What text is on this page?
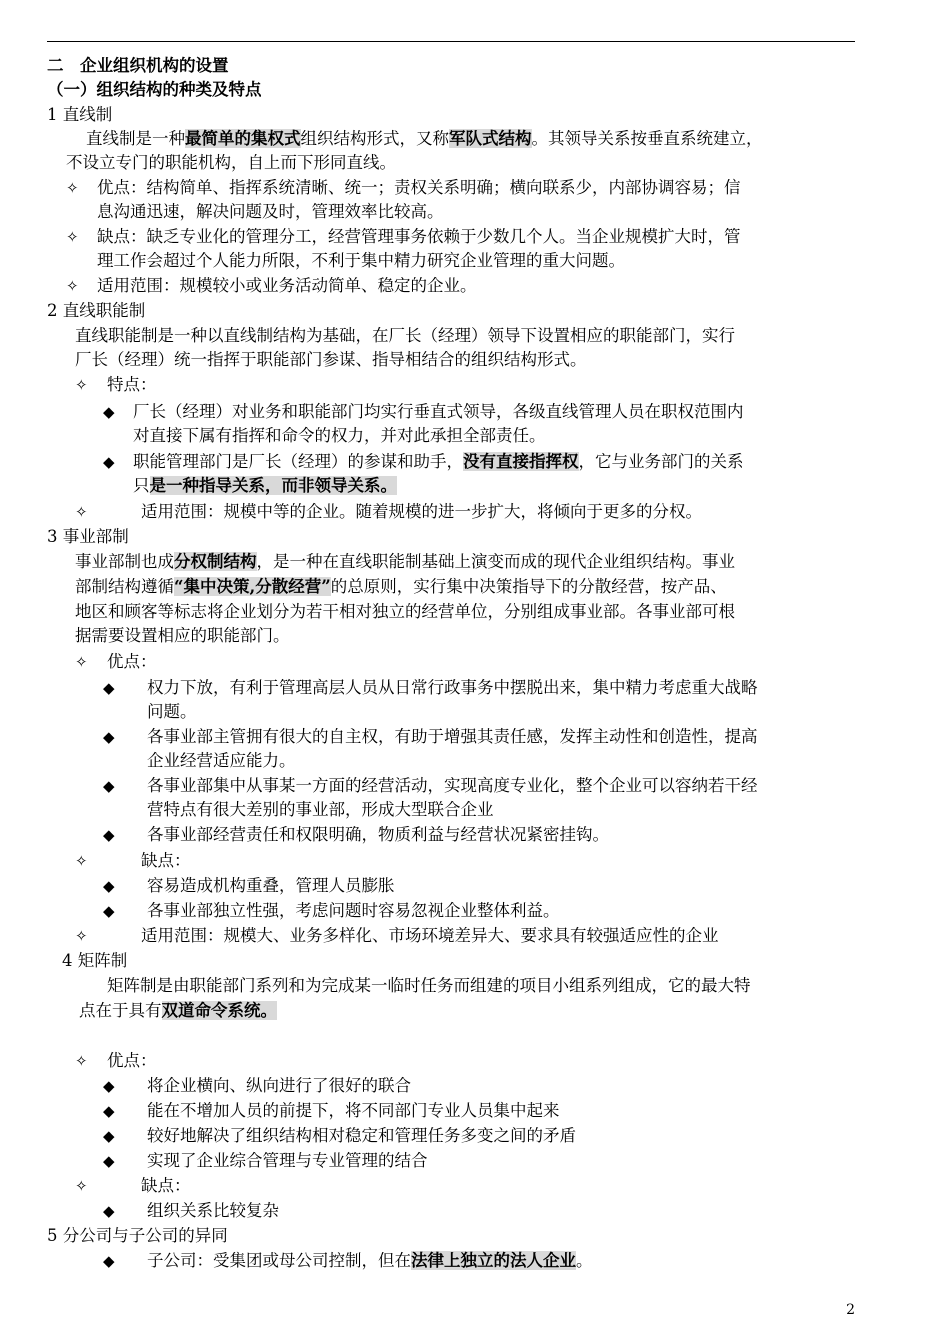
二　企业组织机构的设置
（一）组织结构的种类及特点
1 直线制
直线制是一种最简单的集权式组织结构形式，又称军队式结构。其领导关系按垂直系统建立，
不设立专门的职能机构，自上而下形同直线。
✧ 优点：结构简单、指挥系统清晰、统一；责权关系明确；横向联系少，内部协调容易；信
息沟通迅速，解决问题及时，管理效率比较高。
✧ 缺点：缺乏专业化的管理分工，经营管理事务依赖于少数几个人。当企业规模扩大时，管
理工作会超过个人能力所限，不利于集中精力研究企业管理的重大问题。
✧ 适用范围：规模较小或业务活动简单、稳定的企业。
2 直线职能制
直线职能制是一种以直线制结构为基础，在厂长（经理）领导下设置相应的职能部门，实行
厂长（经理）统一指挥于职能部门参谋、指导相结合的组织结构形式。
✧ 特点：
◆ 厂长（经理）对业务和职能部门均实行垂直式领导，各级直线管理人员在职权范围内
对直接下属有指挥和命令的权力，并对此承担全部责任。
◆ 职能管理部门是厂长（经理）的参谋和助手，没有直接指挥权，它与业务部门的关系
只是一种指导关系，而非领导关系。
✧	适用范围：规模中等的企业。随着规模的进一步扩大，将倾向于更多的分权。
3 事业部制
事业部制也成分权制结构，是一种在直线职能制基础上演变而成的现代企业组织结构。事业
部制结构遵循“集中决策,分散经营”的总原则，实行集中决策指导下的分散经营，按产品、
地区和顾客等标志将企业划分为若干相对独立的经营单位，分别组成事业部。各事业部可根
据需要设置相应的职能部门。
✧ 优点：
◆ 权力下放，有利于管理高层人员从日常行政事务中摆脱出来，集中精力考虑重大战略
问题。
◆ 各事业部主管拥有很大的自主权，有助于增强其责任感，发挥主动性和创造性，提高
企业经营适应能力。
◆ 各事业部集中从事某一方面的经营活动，实现高度专业化，整个企业可以容纳若干经
营特点有很大差别的事业部，形成大型联合企业
◆ 各事业部经营责任和权限明确，物质利益与经营状况紧密挂钩。
✧	缺点：
◆ 容易造成机构重叠，管理人员膨胀
◆ 各事业部独立性强，考虑问题时容易忽视企业整体利益。
✧	适用范围：规模大、业务多样化、市场环境差异大、要求具有较强适应性的企业
4 矩阵制
矩阵制是由职能部门系列和为完成某一临时任务而组建的项目小组系列组成，它的最大特
点在于具有双道命令系统。
✧ 优点：
◆ 将企业横向、纵向进行了很好的联合
◆ 能在不增加人员的前提下，将不同部门专业人员集中起来
◆ 较好地解决了组织结构相对稳定和管理任务多变之间的矛盾
◆ 实现了企业综合管理与专业管理的结合
✧	缺点：
◆ 组织关系比较复杂
5 分公司与子公司的异同
◆ 子公司：受集团或母公司控制，但在法律上独立的法人企业。
2
